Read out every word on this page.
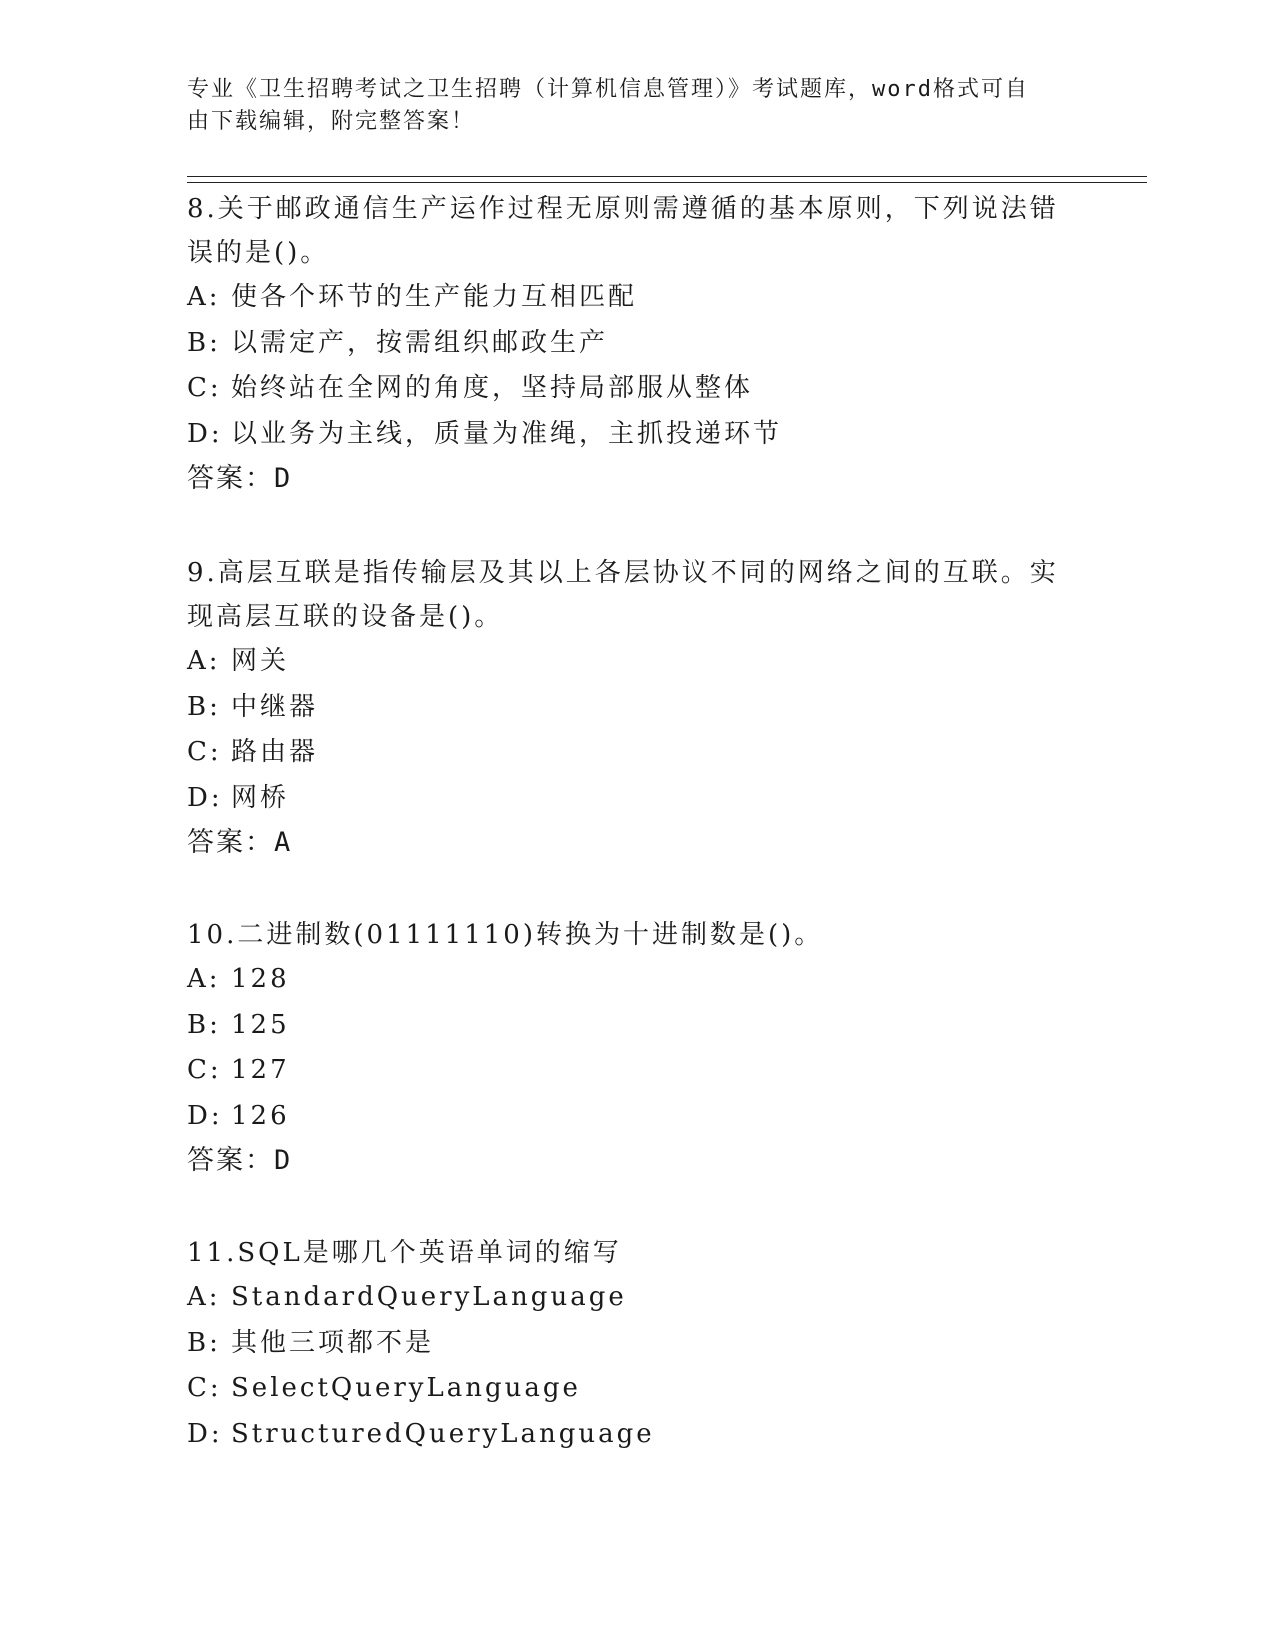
专业《卫生招聘考试之卫生招聘（计算机信息管理）》考试题库，word格式可自
由下载编辑，附完整答案！
8.关于邮政通信生产运作过程无原则需遵循的基本原则，下列说法错误的是()。
A: 使各个环节的生产能力互相匹配
B: 以需定产，按需组织邮政生产
C: 始终站在全网的角度，坚持局部服从整体
D: 以业务为主线，质量为准绳，主抓投递环节
答案：D
9.高层互联是指传输层及其以上各层协议不同的网络之间的互联。实现高层互联的设备是()。
A: 网关
B: 中继器
C: 路由器
D: 网桥
答案：A
10.二进制数(01111110)转换为十进制数是()。
A: 128
B: 125
C: 127
D: 126
答案：D
11.SQL是哪几个英语单词的缩写
A: StandardQueryLanguage
B: 其他三项都不是
C: SelectQueryLanguage
D: StructuredQueryLanguage
